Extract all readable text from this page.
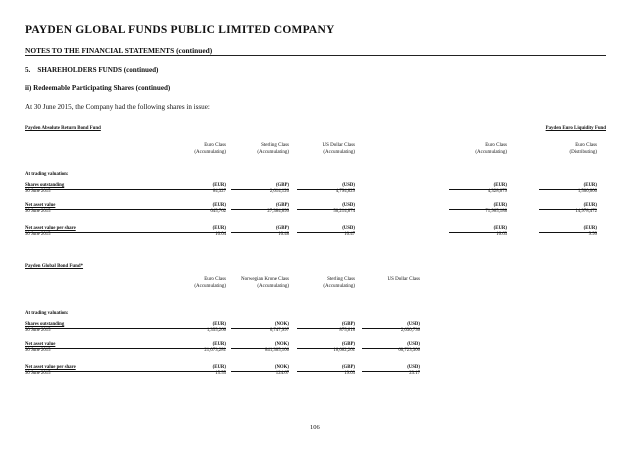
PAYDEN GLOBAL FUNDS PUBLIC LIMITED COMPANY
NOTES TO THE FINANCIAL STATEMENTS (continued)
5.    SHAREHOLDERS FUNDS (continued)
ii) Redeemable Participating Shares (continued)
At 30 June 2015, the Company had the following shares in issue:
Payden Absolute Return Bond Fund	Payden Euro Liquidity Fund
Euro Class
(Accumulating)
Sterling Class
(Accumulating)
US Dollar Class
(Accumulating)
Euro Class
(Accumulating)
Euro Class
(Distributing)
At trading valuation:
Shares outstanding
30 June 2015
(EUR)
64,327
(GBP)
2,614,120
(USD)
4,794,829
(EUR)
4,328,079
(EUR)
1,500,000
Net asset value
30 June 2015
(EUR)
645,762
(GBP)
27,384,899
(USD)
50,214,874
(EUR)
71,965,188
(EUR)
14,978,472
Net asset value per share
30 June 2015
(EUR)
10.04
(GBP)
10.48
(USD)
10.47
(EUR)
16.63
(EUR)
9.99
Payden Global Bond Fund*
Euro Class
(Accumulating)
Norwegian Krone Class
(Accumulating)
Sterling Class
(Accumulating)
US Dollar Class
At trading valuation:
Shares outstanding
30 June 2015
(EUR)
1,355,266
(NOK)
6,747,997
(GBP)
875,618
(USD)
2,630,736
Net asset value
30 June 2015
(EUR)
21,073,281
(NOK)
841,305,106
(GBP)
16,662,261
(USD)
60,723,306
Net asset value per share
30 June 2015
(EUR)
15.55
(NOK)
124.67
(GBP)
19.03
(USD)
23.17
106
